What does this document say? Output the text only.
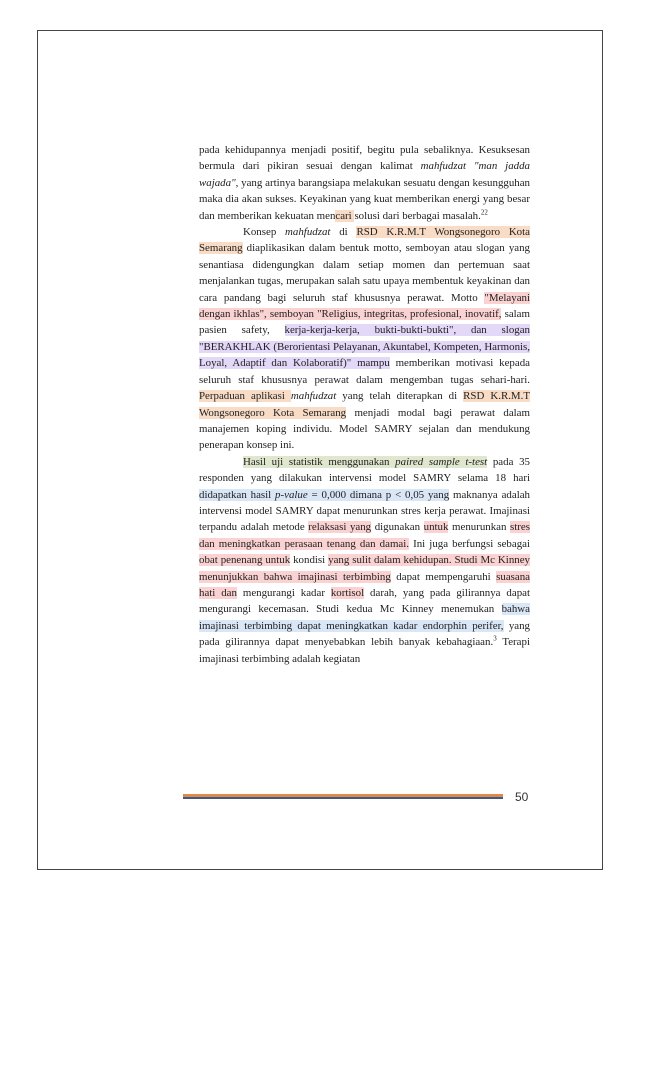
pada kehidupannya menjadi positif, begitu pula sebaliknya. Kesuksesan bermula dari pikiran sesuai dengan kalimat mahfudzat "man jadda wajada", yang artinya barangsiapa melakukan sesuatu dengan kesungguhan maka dia akan sukses. Keyakinan yang kuat memberikan energi yang besar dan memberikan kekuatan mencari solusi dari berbagai masalah.$^{22}$

Konsep mahfudzat di RSD K.R.M.T Wongsonegoro Kota Semarang diaplikasikan dalam bentuk motto, semboyan atau slogan yang senantiasa didengungkan dalam setiap momen dan pertemuan saat menjalankan tugas, merupakan salah satu upaya membentuk keyakinan dan cara pandang bagi seluruh staf khususnya perawat. Motto "Melayani dengan ikhlas", semboyan "Religius, integritas, profesional, inovatif, salam pasien safety, kerja-kerja-kerja, bukti-bukti-bukti", dan slogan "BERAKHLAK (Berorientasi Pelayanan, Akuntabel, Kompeten, Harmonis, Loyal, Adaptif dan Kolaboratif)" mampu memberikan motivasi kepada seluruh staf khususnya perawat dalam mengemban tugas sehari-hari. Perpaduan aplikasi mahfudzat yang telah diterapkan di RSD K.R.M.T Wongsonegoro Kota Semarang menjadi modal bagi perawat dalam manajemen koping individu. Model SAMRY sejalan dan mendukung penerapan konsep ini.

Hasil uji statistik menggunakan paired sample t-test pada 35 responden yang dilakukan intervensi model SAMRY selama 18 hari didapatkan hasil p-value = 0,000 dimana p < 0,05 yang maknanya adalah intervensi model SAMRY dapat menurunkan stres kerja perawat. Imajinasi terpandu adalah metode relaksasi yang digunakan untuk menurunkan stres dan meningkatkan perasaan tenang dan damai. Ini juga berfungsi sebagai obat penenang untuk kondisi yang sulit dalam kehidupan. Studi Mc Kinney menunjukkan bahwa imajinasi terbimbing dapat mempengaruhi suasana hati dan mengurangi kadar kortisol darah, yang pada gilirannya dapat mengurangi kecemasan. Studi kedua Mc Kinney menemukan bahwa imajinasi terbimbing dapat meningkatkan kadar endorphin perifer, yang pada gilirannya dapat menyebabkan lebih banyak kebahagiaan.$^3$ Terapi imajinasi terbimbing adalah kegiatan

50
